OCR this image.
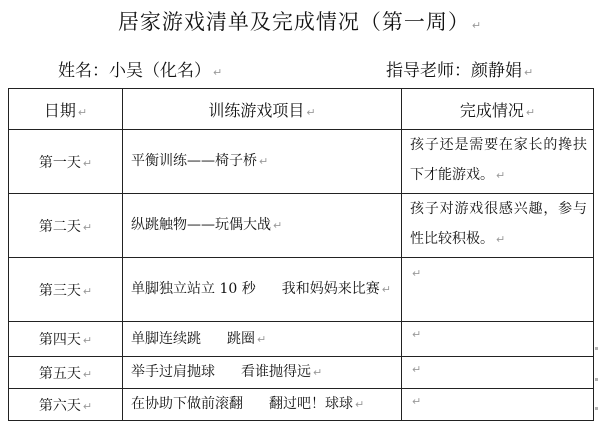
居家游戏清单及完成情况（第一周） ↵
姓名：小吴（化名） ↵	指导老师：颜静娟 ↵
日期 ↵	训练游戏项目 ↵	完成情况 ↵
第一天 ↵	平衡训练——椅子桥 ↵	孩子还是需要在家长的搀扶下才能游戏。 ↵
第二天 ↵	纵跳触物——玩偶大战 ↵	孩子对游戏很感兴趣，参与性比较积极。 ↵
第三天 ↵	单脚独立站立 10 秒 我和妈妈来比赛 ↵	↵
第四天 ↵	单脚连续跳 跳圈 ↵	↵
第五天 ↵	举手过肩抛球 看谁抛得远 ↵	↵
第六天 ↵	在协助下做前滚翻 翻过吧！球球 ↵	↵
